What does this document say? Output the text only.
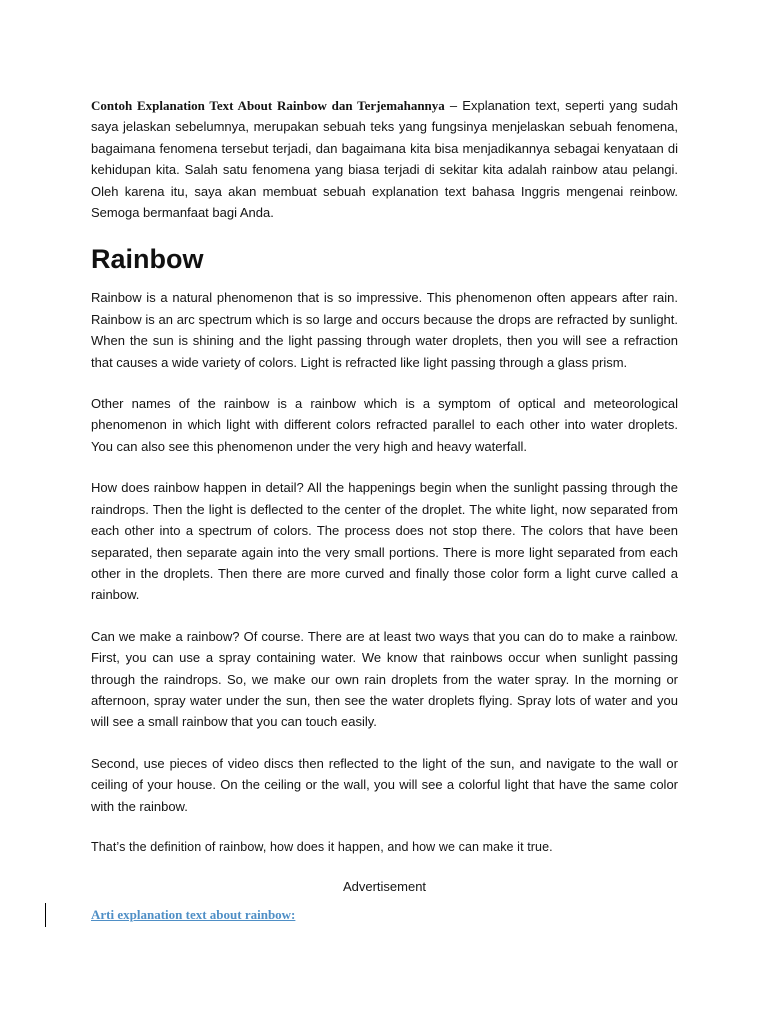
Contoh Explanation Text About Rainbow dan Terjemahannya – Explanation text, seperti yang sudah saya jelaskan sebelumnya, merupakan sebuah teks yang fungsinya menjelaskan sebuah fenomena, bagaimana fenomena tersebut terjadi, dan bagaimana kita bisa menjadikannya sebagai kenyataan di kehidupan kita. Salah satu fenomena yang biasa terjadi di sekitar kita adalah rainbow atau pelangi. Oleh karena itu, saya akan membuat sebuah explanation text bahasa Inggris mengenai reinbow. Semoga bermanfaat bagi Anda.

Rainbow

Rainbow is a natural phenomenon that is so impressive. This phenomenon often appears after rain. Rainbow is an arc spectrum which is so large and occurs because the drops are refracted by sunlight. When the sun is shining and the light passing through water droplets, then you will see a refraction that causes a wide variety of colors. Light is refracted like light passing through a glass prism.

Other names of the rainbow is a rainbow which is a symptom of optical and meteorological phenomenon in which light with different colors refracted parallel to each other into water droplets. You can also see this phenomenon under the very high and heavy waterfall.

How does rainbow happen in detail? All the happenings begin when the sunlight passing through the raindrops. Then the light is deflected to the center of the droplet. The white light, now separated from each other into a spectrum of colors. The process does not stop there. The colors that have been separated, then separate again into the very small portions. There is more light separated from each other in the droplets. Then there are more curved and finally those color form a light curve called a rainbow.

Can we make a rainbow? Of course. There are at least two ways that you can do to make a rainbow. First, you can use a spray containing water. We know that rainbows occur when sunlight passing through the raindrops. So, we make our own rain droplets from the water spray. In the morning or afternoon, spray water under the sun, then see the water droplets flying. Spray lots of water and you will see a small rainbow that you can touch easily.

Second, use pieces of video discs then reflected to the light of the sun, and navigate to the wall or ceiling of your house. On the ceiling or the wall, you will see a colorful light that have the same color with the rainbow.

That’s the definition of rainbow, how does it happen, and how we can make it true.

Advertisement
Arti explanation text about rainbow:
